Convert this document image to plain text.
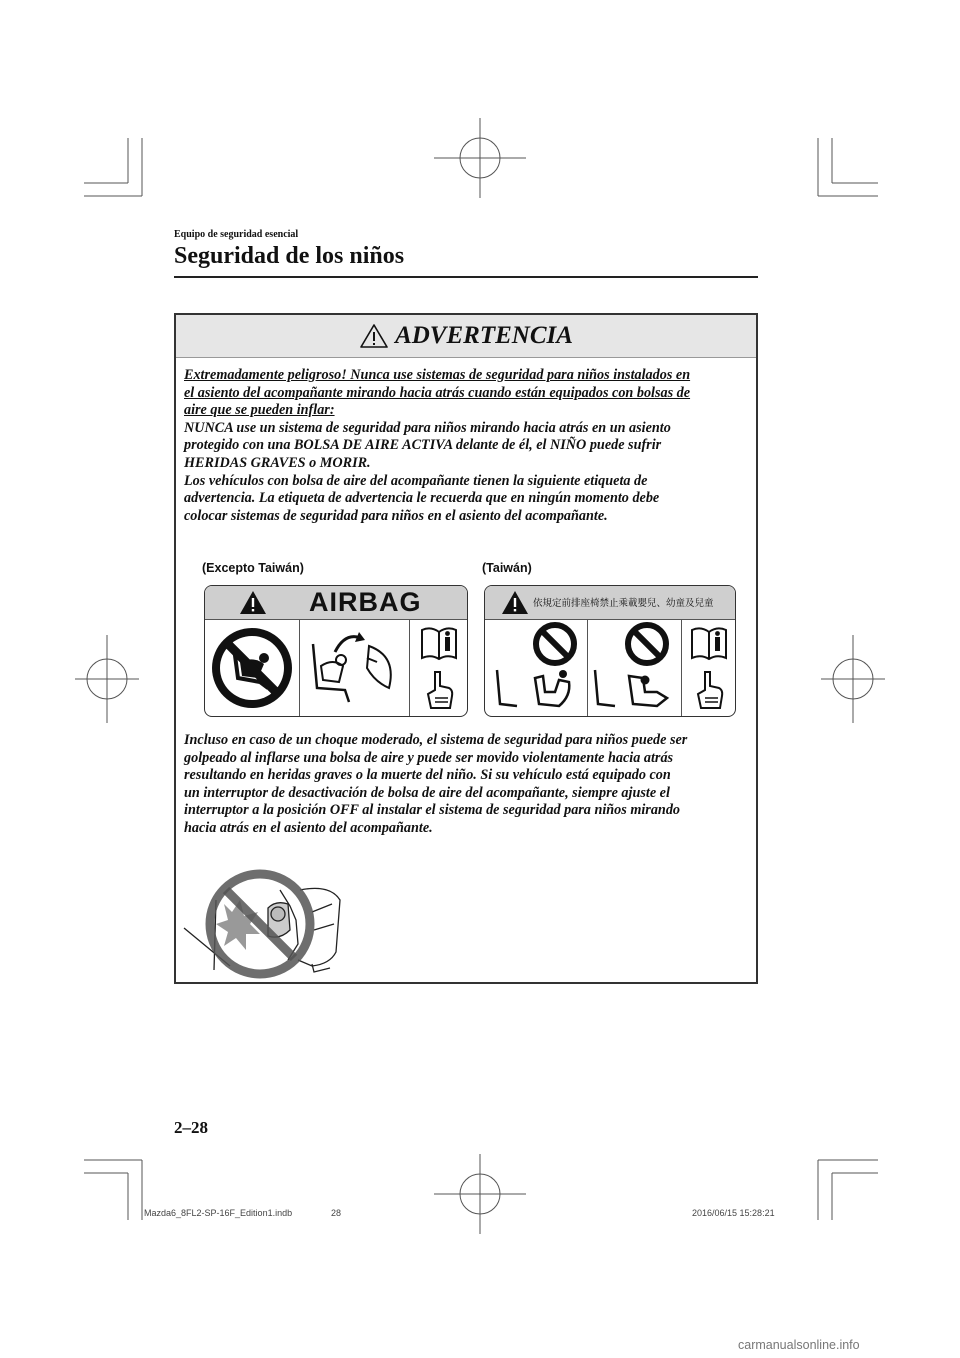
Equipo de seguridad esencial
Seguridad de los niños
ADVERTENCIA
Extremadamente peligroso! Nunca use sistemas de seguridad para niños instalados en
el asiento del acompañante mirando hacia atrás cuando están equipados con bolsas de
aire que se pueden inflar:
NUNCA use un sistema de seguridad para niños mirando hacia atrás en un asiento
protegido con una BOLSA DE AIRE ACTIVA delante de él, el NIÑO puede sufrir
HERIDAS GRAVES o MORIR.
Los vehículos con bolsa de aire del acompañante tienen la siguiente etiqueta de
advertencia. La etiqueta de advertencia le recuerda que en ningún momento debe
colocar sistemas de seguridad para niños en el asiento del acompañante.
(Excepto Taiwán)	(Taiwán)
AIRBAG	依規定前排座椅禁止乘載嬰兒、幼童及兒童
Incluso en caso de un choque moderado, el sistema de seguridad para niños puede ser
golpeado al inflarse una bolsa de aire y puede ser movido violentamente hacia atrás
resultando en heridas graves o la muerte del niño. Si su vehículo está equipado con
un interruptor de desactivación de bolsa de aire del acompañante, siempre ajuste el
interruptor a la posición OFF al instalar el sistema de seguridad para niños mirando
hacia atrás en el asiento del acompañante.
2–28
Mazda6_8FL2-SP-16F_Edition1.indb	28	2016/06/15 15:28:21
carmanualsonline.info
